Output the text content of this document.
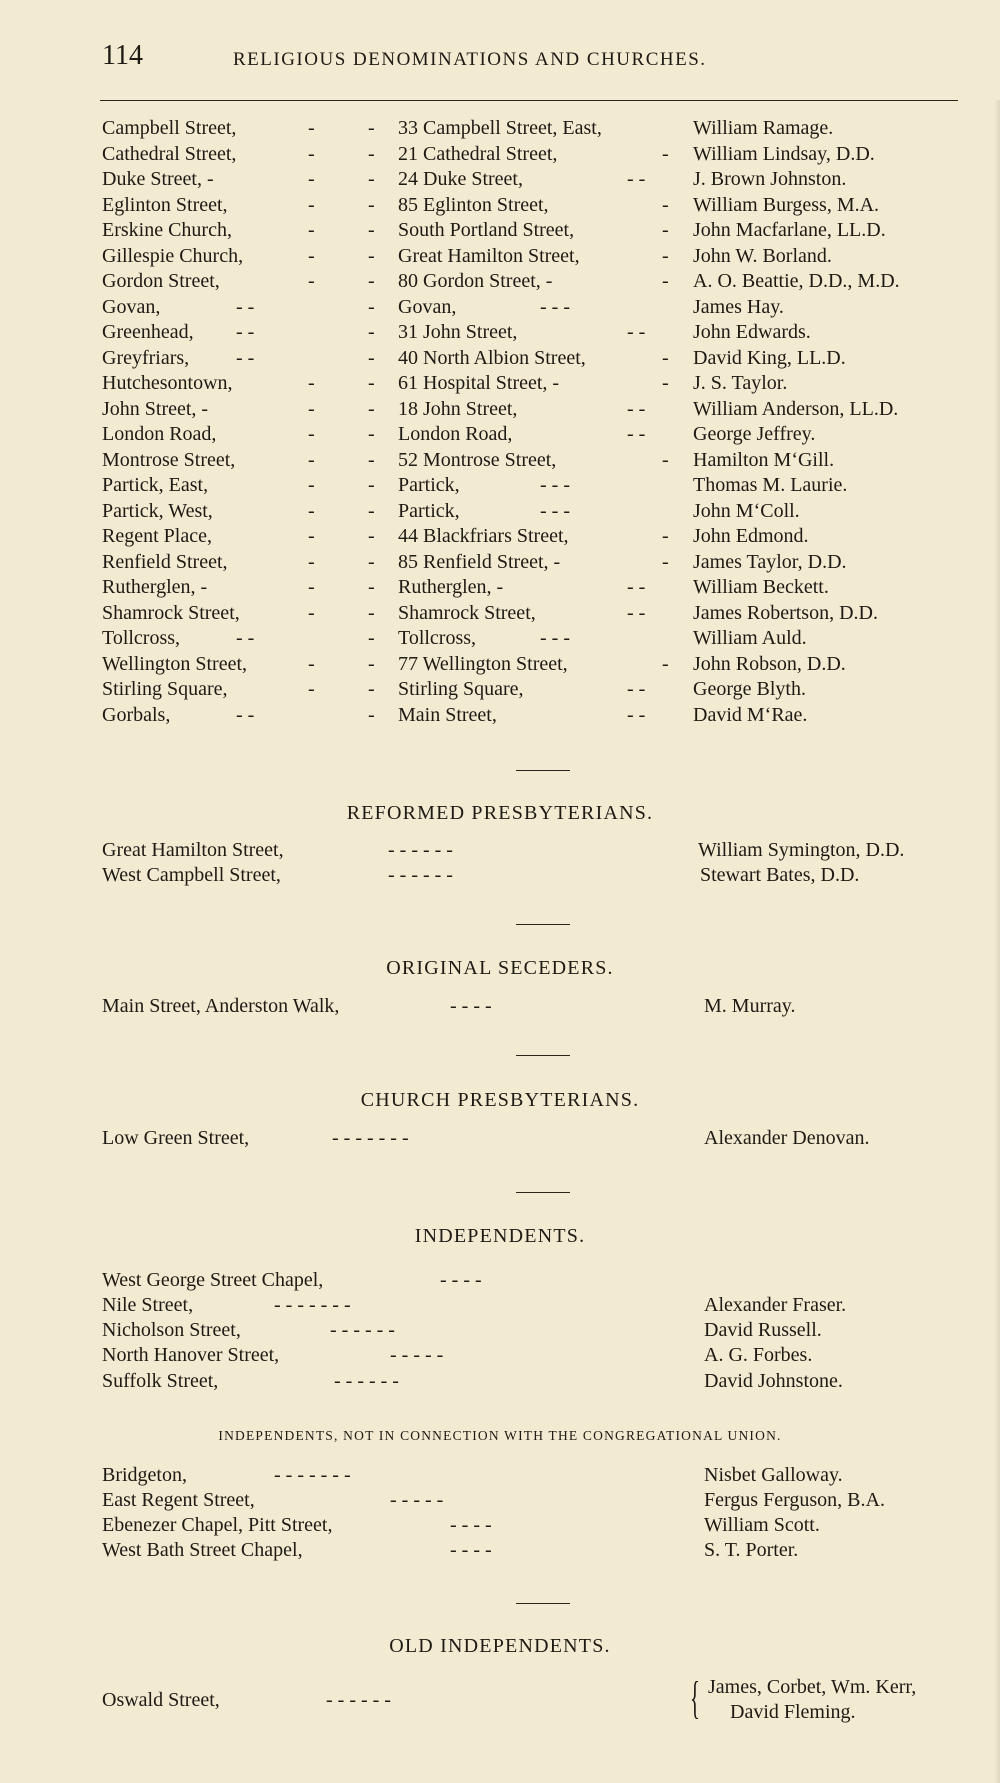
114	RELIGIOUS DENOMINATIONS AND CHURCHES.
Campbell Street,	-	- 33 Campbell Street, East,	William Ramage.
Cathedral Street,	-	- 21 Cathedral Street,	- William Lindsay, D.D.
Duke Street, -	-	- 24 Duke Street,	- - J. Brown Johnston.
Eglinton Street,	-	- 85 Eglinton Street,	- William Burgess, M.A.
Erskine Church,	-	- South Portland Street,	- John Macfarlane, LL.D.
Gillespie Church,	-	- Great Hamilton Street,	- John W. Borland.
Gordon Street,	-	- 80 Gordon Street, -	- A. O. Beattie, D.D., M.D.
Govan,	- -	- Govan,	- - -	James Hay.
Greenhead, - -	- 31 John Street,	- - John Edwards.
Greyfriars, - -	- 40 North Albion Street,	- David King, LL.D.
Hutchesontown,	-	- 61 Hospital Street, -	- J. S. Taylor.
John Street, -	-	- 18 John Street,	- - William Anderson, LL.D.
London Road,	-	- London Road,	- - George Jeffrey.
Montrose Street,	-	- 52 Montrose Street,	- Hamilton M‘Gill.
Partick, East,	-	- Partick,	- - -	Thomas M. Laurie.
Partick, West,	-	- Partick,	- - -	John M‘Coll.
Regent Place,	-	- 44 Blackfriars Street,	- John Edmond.
Renfield Street,	-	- 85 Renfield Street, -	- James Taylor, D.D.
Rutherglen, -	-	- Rutherglen, -	- - William Beckett.
Shamrock Street,	-	- Shamrock Street,	- - James Robertson, D.D.
Tollcross,	- -	- Tollcross,	- - -	William Auld.
Wellington Street,	-	- 77 Wellington Street,	- John Robson, D.D.
Stirling Square,	-	- Stirling Square,	- - George Blyth.
Gorbals,	- -	- Main Street,	- - David M‘Rae.
REFORMED PRESBYTERIANS.
Great Hamilton Street,	- - - - - -	William Symington, D.D.
West Campbell Street,	- - - - - -	Stewart Bates, D.D.
ORIGINAL SECEDERS.
Main Street, Anderston Walk,	- - - -	M. Murray.
CHURCH PRESBYTERIANS.
Low Green Street,	- - - - - - -	Alexander Denovan.
INDEPENDENTS.
West George Street Chapel,	- - - -
Nile Street,	- - - - - - -	Alexander Fraser.
Nicholson Street,	- - - - - -	David Russell.
North Hanover Street,	- - - - -	A. G. Forbes.
Suffolk Street,	- - - - - -	David Johnstone.
INDEPENDENTS, NOT IN CONNECTION WITH THE CONGREGATIONAL UNION.
Bridgeton,	- - - - - - -	Nisbet Galloway.
East Regent Street,	- - - - -	Fergus Ferguson, B.A.
Ebenezer Chapel, Pitt Street,	- - - -	William Scott.
West Bath Street Chapel,	- - - -	S. T. Porter.
OLD INDEPENDENTS.
Oswald Street,	- - - - - -	{ James, Corbet, Wm. Kerr,
David Fleming.
